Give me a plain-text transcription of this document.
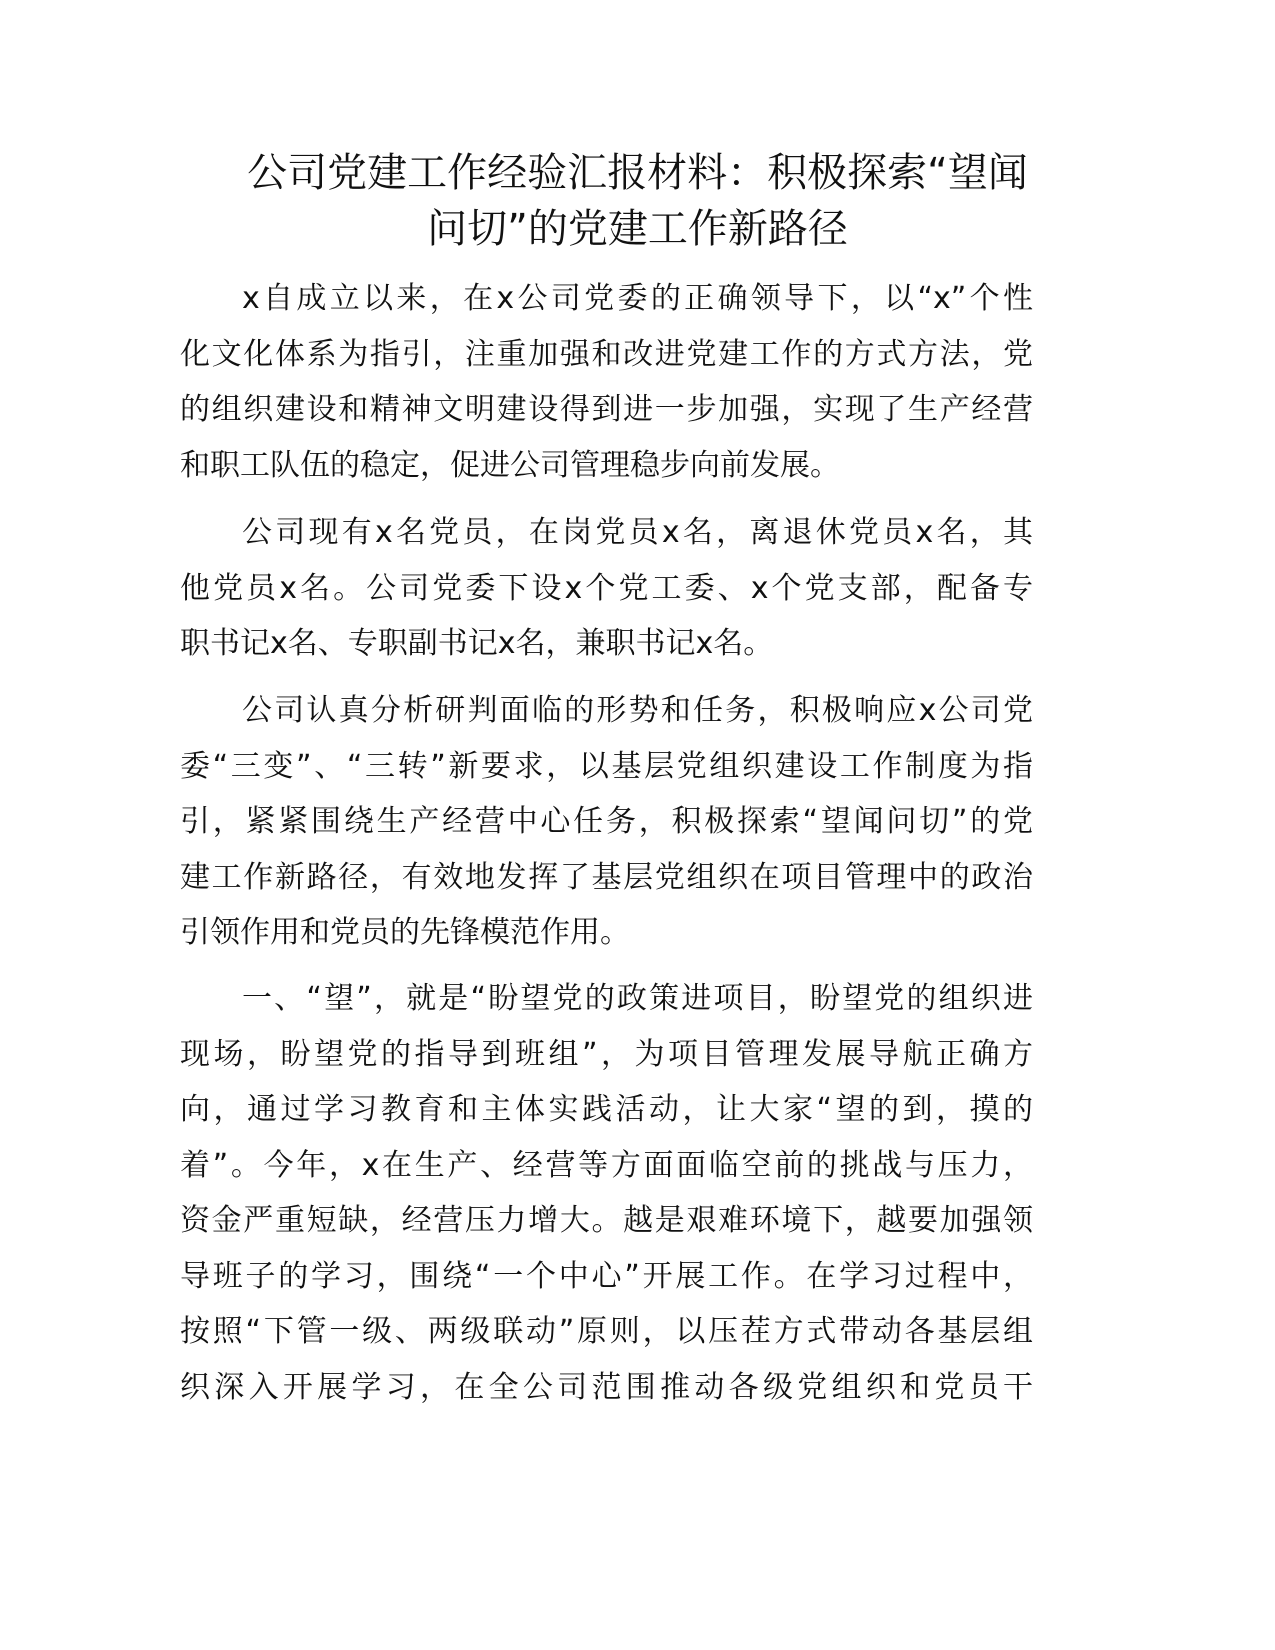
公司党建工作经验汇报材料：积极探索“望闻
问切”的党建工作新路径
x自成立以来，在x公司党委的正确领导下，以“x”个性
化文化体系为指引，注重加强和改进党建工作的方式方法，党
的组织建设和精神文明建设得到进一步加强，实现了生产经营
和职工队伍的稳定，促进公司管理稳步向前发展。
公司现有x名党员，在岗党员x名，离退休党员x名，其
他党员x名。公司党委下设x个党工委、x个党支部，配备专
职书记x名、专职副书记x名，兼职书记x名。
公司认真分析研判面临的形势和任务，积极响应x公司党
委“三变”、“三转”新要求，以基层党组织建设工作制度为指
引，紧紧围绕生产经营中心任务，积极探索“望闻问切”的党
建工作新路径，有效地发挥了基层党组织在项目管理中的政治
引领作用和党员的先锋模范作用。
一、“望”，就是“盼望党的政策进项目，盼望党的组织进
现场，盼望党的指导到班组”，为项目管理发展导航正确方
向，通过学习教育和主体实践活动，让大家“望的到，摸的
着”。今年，x在生产、经营等方面面临空前的挑战与压力，
资金严重短缺，经营压力增大。越是艰难环境下，越要加强领
导班子的学习，围绕“一个中心”开展工作。在学习过程中，
按照“下管一级、两级联动”原则，以压茬方式带动各基层组
织深入开展学习，在全公司范围推动各级党组织和党员干
